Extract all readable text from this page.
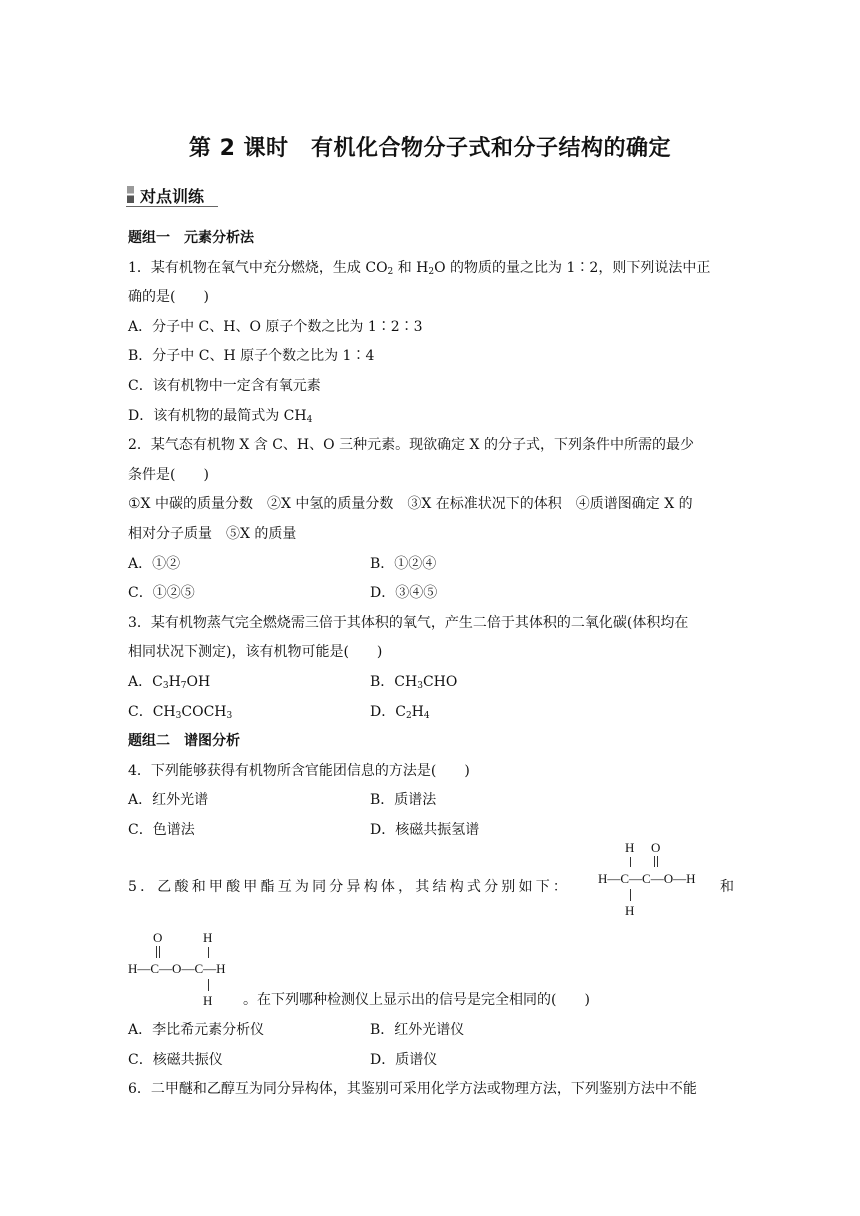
第 2 课时　有机化合物分子式和分子结构的确定
对点训练
题组一　元素分析法
1．某有机物在氧气中充分燃烧，生成 $CO_2$ 和 $H_2O$ 的物质的量之比为 1∶2，则下列说法中正
确的是(　　)
A．分子中 C、H、O 原子个数之比为 1∶2∶3
B．分子中 C、H 原子个数之比为 1∶4
C．该有机物中一定含有氧元素
D．该有机物的最简式为 $CH_4$
2．某气态有机物 X 含 C、H、O 三种元素。现欲确定 X 的分子式，下列条件中所需的最少
条件是(　　)
①X 中碳的质量分数　②X 中氢的质量分数　③X 在标准状况下的体积　④质谱图确定 X 的
相对分子质量　⑤X 的质量
A．①②	B．①②④
C．①②⑤	D．③④⑤
3．某有机物蒸气完全燃烧需三倍于其体积的氧气，产生二倍于其体积的二氧化碳(体积均在
相同状况下测定)，该有机物可能是(　　)
A．$C_3H_7OH$	B．$CH_3CHO$
C．$CH_3COCH_3$	D．$C_2H_4$
题组二　谱图分析
4．下列能够获得有机物所含官能团信息的方法是(　　)
A．红外光谱	B．质谱法
C．色谱法	D．核磁共振氢谱
5．乙酸和甲酸甲酯互为同分异构体，其结构式分别如下：	和
H O
H—C—C—O—H
H
O	H
H—C—O—C—H
H 。在下列哪种检测仪上显示出的信号是完全相同的(　　)
A．李比希元素分析仪	B．红外光谱仪
C．核磁共振仪	D．质谱仪
6．二甲醚和乙醇互为同分异构体，其鉴别可采用化学方法或物理方法，下列鉴别方法中不能
